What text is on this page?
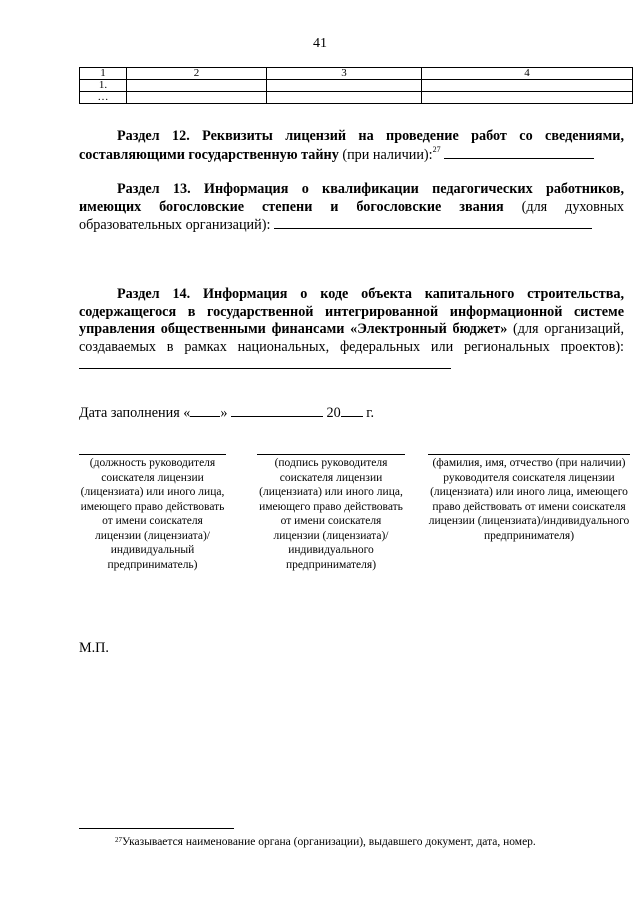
41
1	2	3	4
1.			
…			
Раздел 12. Реквизиты лицензий на проведение работ со сведениями, составляющими государственную тайну (при наличии):$^{27}$
Раздел 13. Информация о квалификации педагогических работников, имеющих богословские степени и богословские звания (для духовных образовательных организаций):
Раздел 14. Информация о коде объекта капитального строительства, содержащегося в государственной интегрированной информационной системе управления общественными финансами «Электронный бюджет» (для организаций, создаваемых в рамках национальных, федеральных или региональных проектов):
Дата заполнения « »	20 г.
(должность руководителя соискателя лицензии (лицензиата) или иного лица, имеющего право действовать от имени соискателя лицензии (лицензиата)/ индивидуальный предприниматель)
(подпись руководителя соискателя лицензии (лицензиата) или иного лица, имеющего право действовать от имени соискателя лицензии (лицензиата)/ индивидуального предпринимателя)
(фамилия, имя, отчество (при наличии) руководителя соискателя лицензии (лицензиата) или иного лица, имеющего право действовать от имени соискателя лицензии (лицензиата)/индивидуального предпринимателя)
М.П.
$^{27}$Указывается наименование органа (организации), выдавшего документ, дата, номер.
